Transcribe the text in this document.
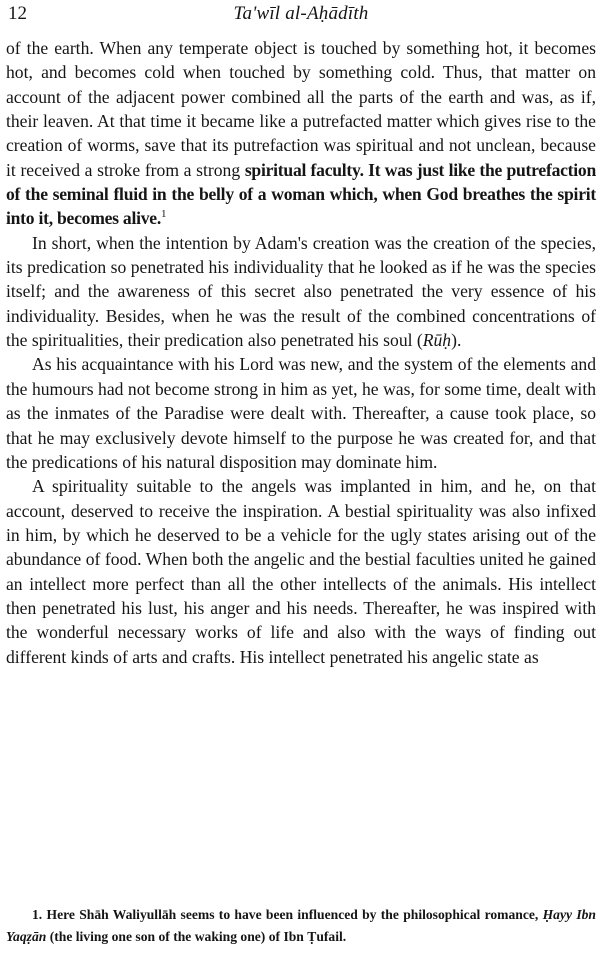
12	Ta'wīl al-Aḥādīth

of the earth. When any temperate object is touched by something hot, it becomes hot, and becomes cold when touched by something cold. Thus, that matter on account of the adjacent power combined all the parts of the earth and was, as if, their leaven. At that time it became like a putrefacted matter which gives rise to the creation of worms, save that its putrefaction was spiritual and not unclean, because it received a stroke from a strong spiritual faculty. It was just like the putrefaction of the seminal fluid in the belly of a woman which, when God breathes the spirit into it, becomes alive.$^1$

In short, when the intention by Adam's creation was the creation of the species, its predication so penetrated his individuality that he looked as if he was the species itself; and the awareness of this secret also penetrated the very essence of his individuality. Besides, when he was the result of the combined concentrations of the spiritualities, their predication also penetrated his soul (Rūḥ).

As his acquaintance with his Lord was new, and the system of the elements and the humours had not become strong in him as yet, he was, for some time, dealt with as the inmates of the Paradise were dealt with. Thereafter, a cause took place, so that he may exclusively devote himself to the purpose he was created for, and that the predications of his natural disposition may dominate him.

A spirituality suitable to the angels was implanted in him, and he, on that account, deserved to receive the inspiration. A bestial spirituality was also infixed in him, by which he deserved to be a vehicle for the ugly states arising out of the abundance of food. When both the angelic and the bestial faculties united he gained an intellect more perfect than all the other intellects of the animals. His intellect then penetrated his lust, his anger and his needs. Thereafter, he was inspired with the wonderful necessary works of life and also with the ways of finding out different kinds of arts and crafts. His intellect penetrated his angelic state as

1. Here Shāh Waliyullāh seems to have been influenced by the philosophical romance, Ḥayy Ibn Yaqẓān (the living one son of the waking one) of Ibn Ṭufail.
